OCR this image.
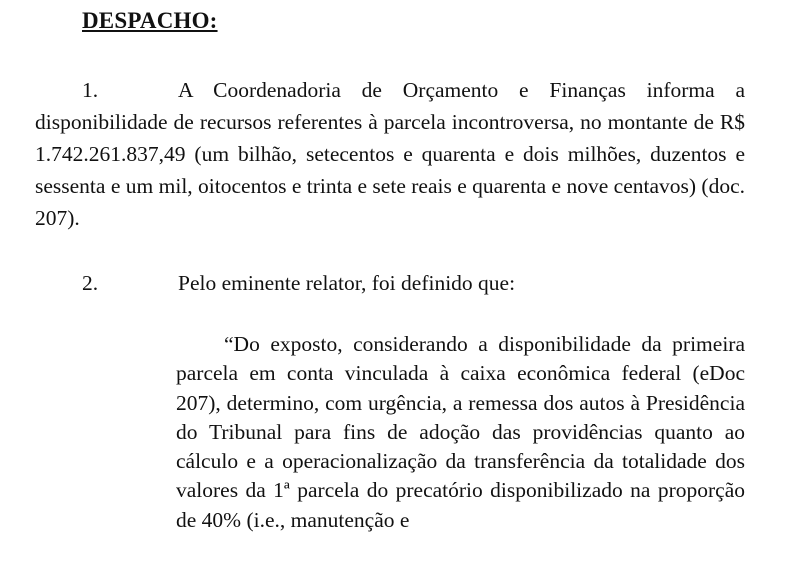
DESPACHO:
1.	A Coordenadoria de Orçamento e Finanças informa a disponibilidade de recursos referentes à parcela incontroversa, no montante de R$ 1.742.261.837,49 (um bilhão, setecentos e quarenta e dois milhões, duzentos e sessenta e um mil, oitocentos e trinta e sete reais e quarenta e nove centavos) (doc. 207).
2.	Pelo eminente relator, foi definido que:
“Do exposto, considerando a disponibilidade da primeira parcela em conta vinculada à caixa econômica federal (eDoc 207), determino, com urgência, a remessa dos autos à Presidência do Tribunal para fins de adoção das providências quanto ao cálculo e a operacionalização da transferência da totalidade dos valores da 1ª parcela do precatório disponibilizado na proporção de 40% (i.e., manutenção e
